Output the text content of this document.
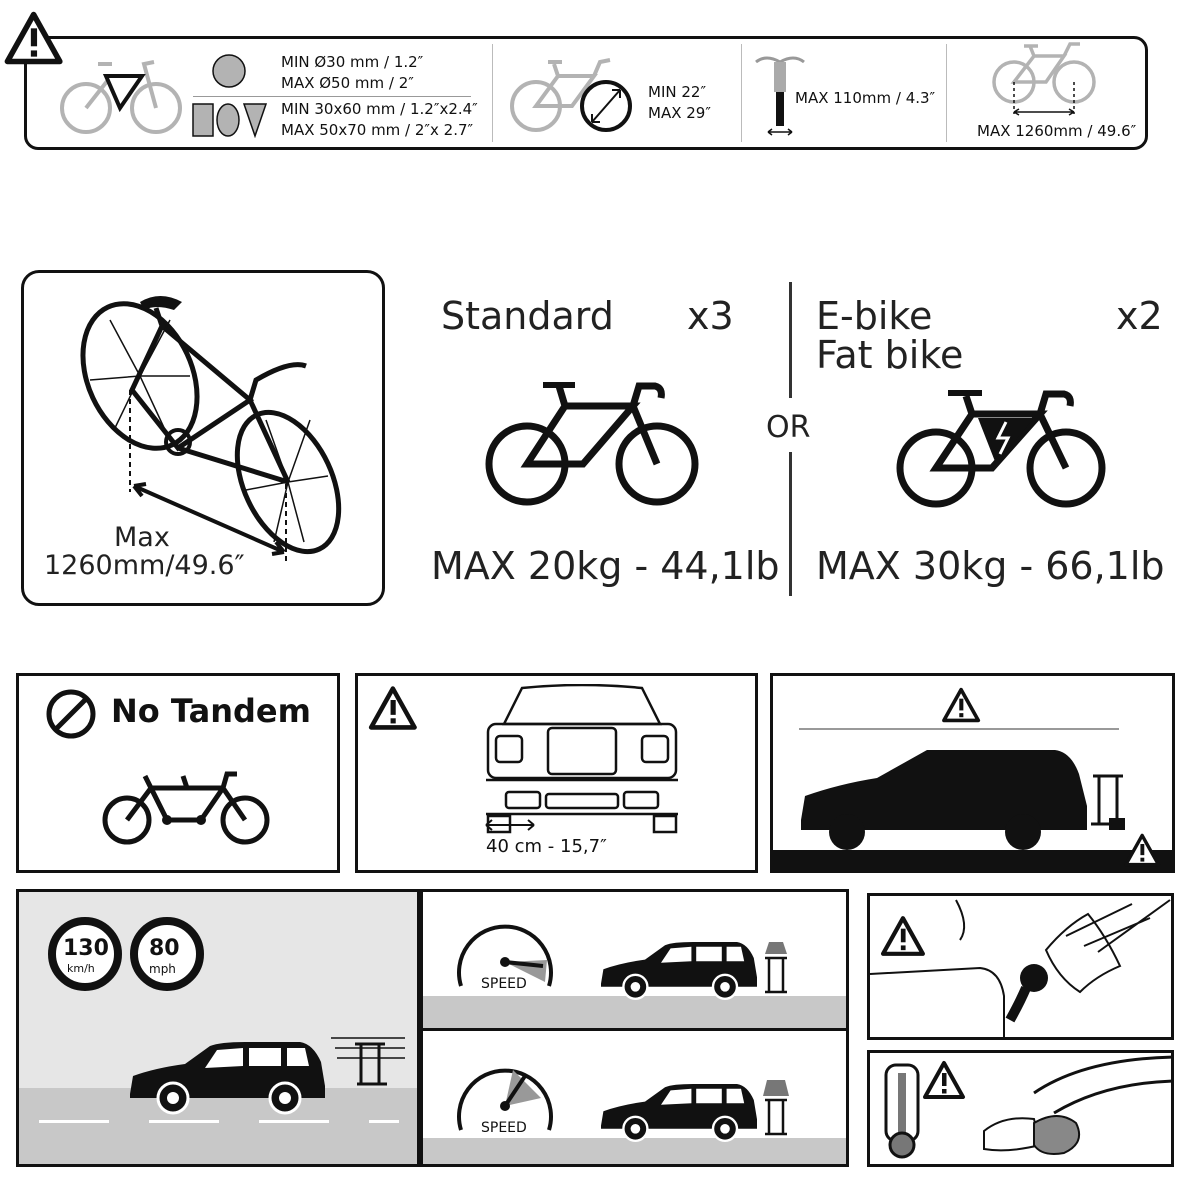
MIN Ø30 mm / 1.2″
MAX Ø50 mm / 2″
MIN 30x60 mm / 1.2″x2.4″
MAX 50x70 mm / 2″x 2.7″
MIN 22″
MAX 29″
MAX 110mm / 4.3″
MAX 1260mm / 49.6″
Max
1260mm/49.6″
Standard x3
MAX 20kg - 44,1lb
OR
E-bike
Fat bike
x2
MAX 30kg - 66,1lb
No Tandem
40 cm - 15,7″
130
km/h
80
mph
SPEED
SPEED
